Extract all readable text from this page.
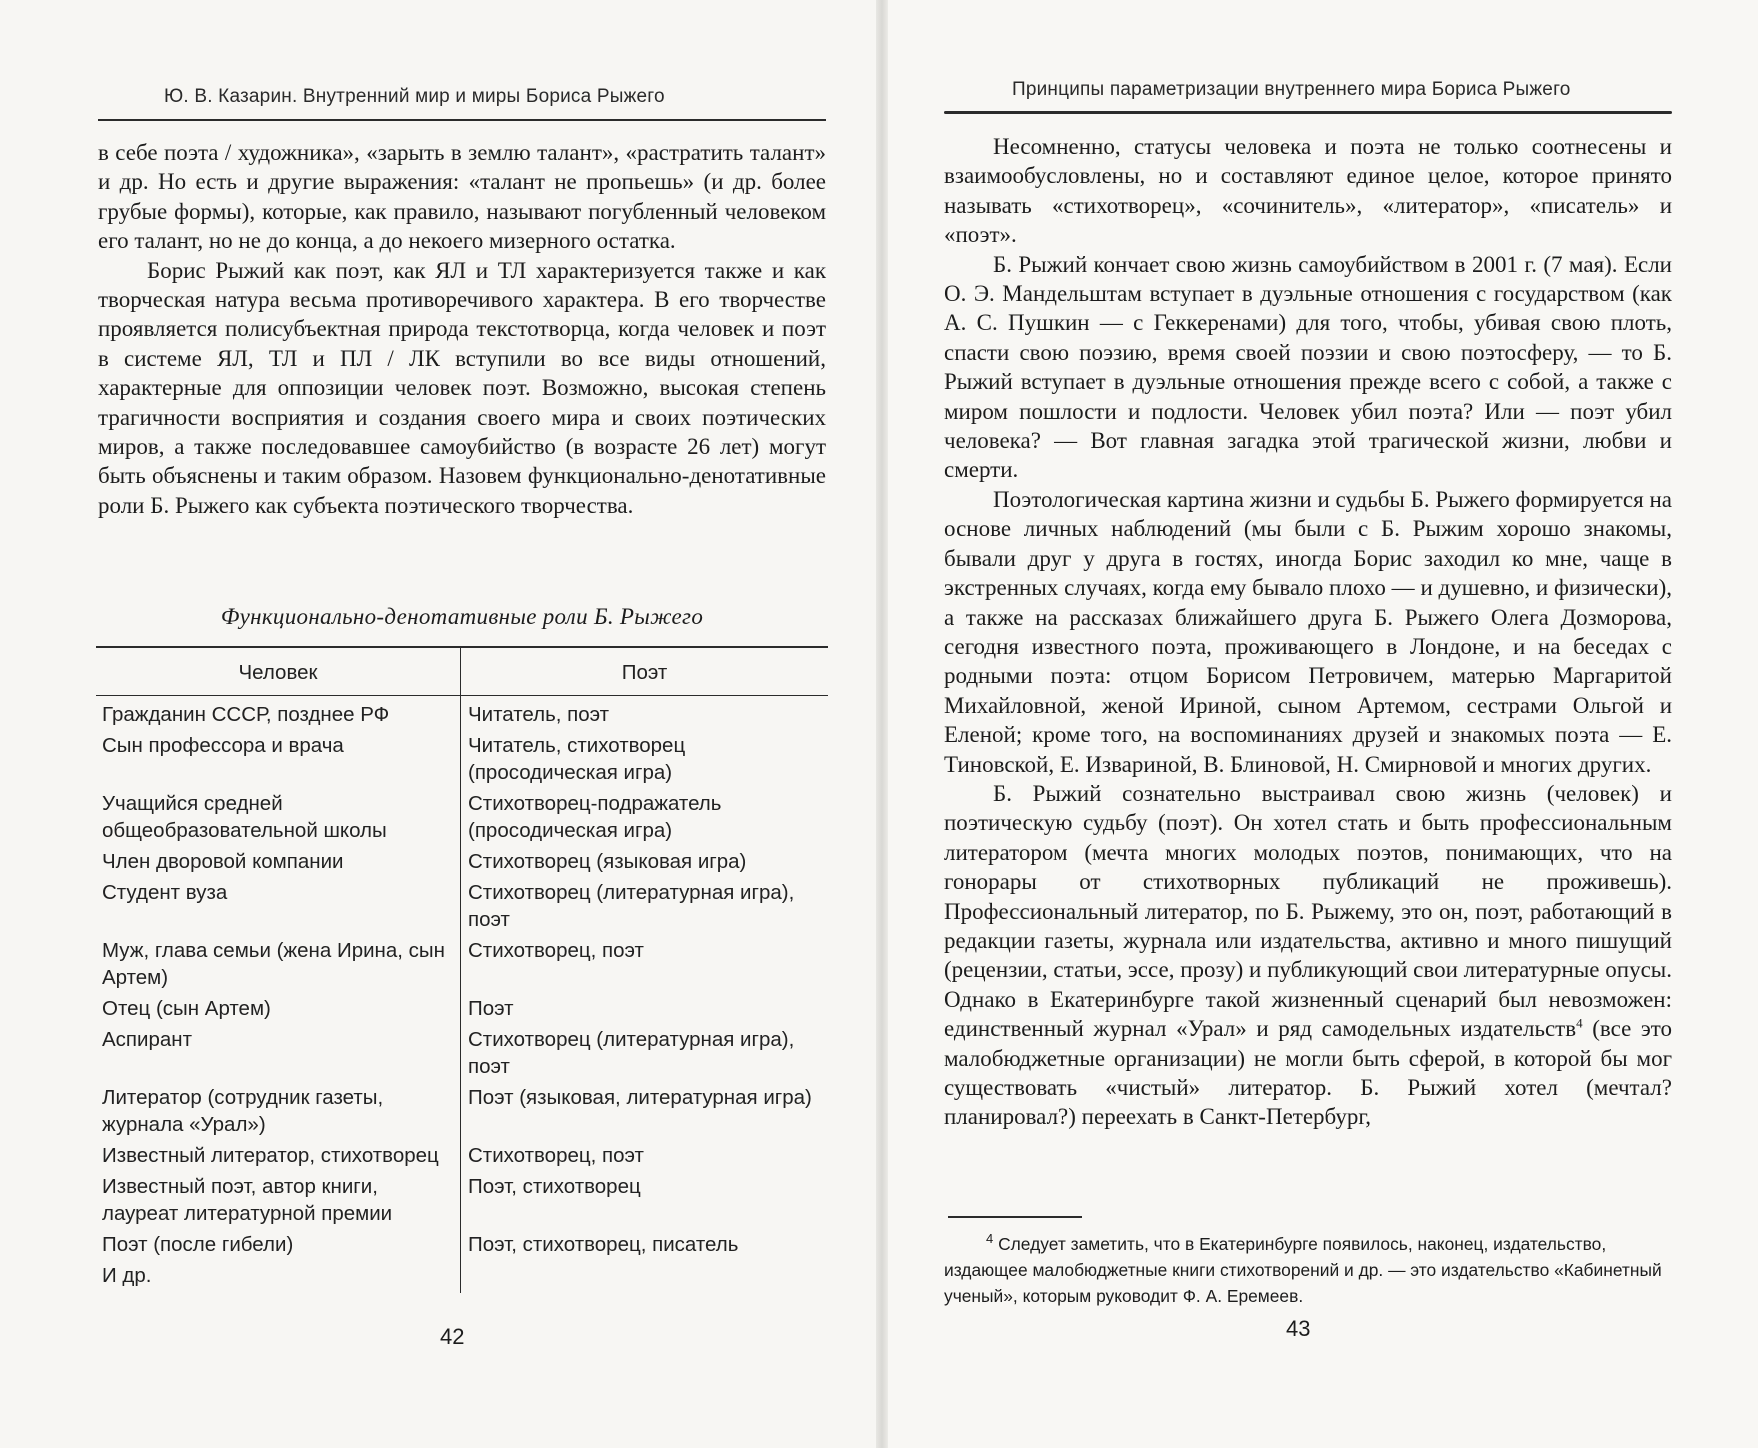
Ю. В. Казарин. Внутренний мир и миры Бориса Рыжего

в себе поэта / художника», «зарыть в землю талант», «растратить талант» и др. Но есть и другие выражения: «талант не пропьешь» (и др. более грубые формы), которые, как правило, называют погубленный человеком его талант, но не до конца, а до некоего мизерного остатка.

Борис Рыжий как поэт, как ЯЛ и ТЛ характеризуется также и как творческая натура весьма противоречивого характера. В его творчестве проявляется полисубъектная природа текстотворца, когда человек и поэт в системе ЯЛ, ТЛ и ПЛ / ЛК вступили во все виды отношений, характерные для оппозиции человек поэт. Возможно, высокая степень трагичности восприятия и создания своего мира и своих поэтических миров, а также последовавшее самоубийство (в возрасте 26 лет) могут быть объяснены и таким образом. Назовем функционально-денотативные роли Б. Рыжего как субъекта поэтического творчества.

Функционально-денотативные роли Б. Рыжего
Человек	Поэт
Гражданин СССР, позднее РФ	Читатель, поэт
Сын профессора и врача	Читатель, стихотворец (просодическая игра)
Учащийся средней общеобразовательной школы	Стихотворец-подражатель (просодическая игра)
Член дворовой компании	Стихотворец (языковая игра)
Студент вуза	Стихотворец (литературная игра), поэт
Муж, глава семьи (жена Ирина, сын Артем)	Стихотворец, поэт
Отец (сын Артем)	Поэт
Аспирант	Стихотворец (литературная игра), поэт
Литератор (сотрудник газеты, журнала «Урал»)	Поэт (языковая, литературная игра)
Известный литератор, стихотворец	Стихотворец, поэт
Известный поэт, автор книги, лауреат литературной премии	Поэт, стихотворец
Поэт (после гибели)	Поэт, стихотворец, писатель
И др.	
42
Принципы параметризации внутреннего мира Бориса Рыжего

Несомненно, статусы человека и поэта не только соотнесены и взаимообусловлены, но и составляют единое целое, которое принято называть «стихотворец», «сочинитель», «литератор», «писатель» и «поэт».

Б. Рыжий кончает свою жизнь самоубийством в 2001 г. (7 мая). Если О. Э. Мандельштам вступает в дуэльные отношения с государством (как А. С. Пушкин — с Геккеренами) для того, чтобы, убивая свою плоть, спасти свою поэзию, время своей поэзии и свою поэтосферу, — то Б. Рыжий вступает в дуэльные отношения прежде всего с собой, а также с миром пошлости и подлости. Человек убил поэта? Или — поэт убил человека? — Вот главная загадка этой трагической жизни, любви и смерти.

Поэтологическая картина жизни и судьбы Б. Рыжего формируется на основе личных наблюдений (мы были с Б. Рыжим хорошо знакомы, бывали друг у друга в гостях, иногда Борис заходил ко мне, чаще в экстренных случаях, когда ему бывало плохо — и душевно, и физически), а также на рассказах ближайшего друга Б. Рыжего Олега Дозморова, сегодня известного поэта, проживающего в Лондоне, и на беседах с родными поэта: отцом Борисом Петровичем, матерью Маргаритой Михайловной, женой Ириной, сыном Артемом, сестрами Ольгой и Еленой; кроме того, на воспоминаниях друзей и знакомых поэта — Е. Тиновской, Е. Извариной, В. Блиновой, Н. Смирновой и многих других.

Б. Рыжий сознательно выстраивал свою жизнь (человек) и поэтическую судьбу (поэт). Он хотел стать и быть профессиональным литератором (мечта многих молодых поэтов, понимающих, что на гонорары от стихотворных публикаций не проживешь). Профессиональный литератор, по Б. Рыжему, это он, поэт, работающий в редакции газеты, журнала или издательства, активно и много пишущий (рецензии, статьи, эссе, прозу) и публикующий свои литературные опусы. Однако в Екатеринбурге такой жизненный сценарий был невозможен: единственный журнал «Урал» и ряд самодельных издательств$^4$ (все это малобюджетные организации) не могли быть сферой, в которой бы мог существовать «чистый» литератор. Б. Рыжий хотел (мечтал? планировал?) переехать в Санкт-Петербург,

$^4$ Следует заметить, что в Екатеринбурге появилось, наконец, издательство, издающее малобюджетные книги стихотворений и др. — это издательство «Кабинетный ученый», которым руководит Ф. А. Еремеев.
43
